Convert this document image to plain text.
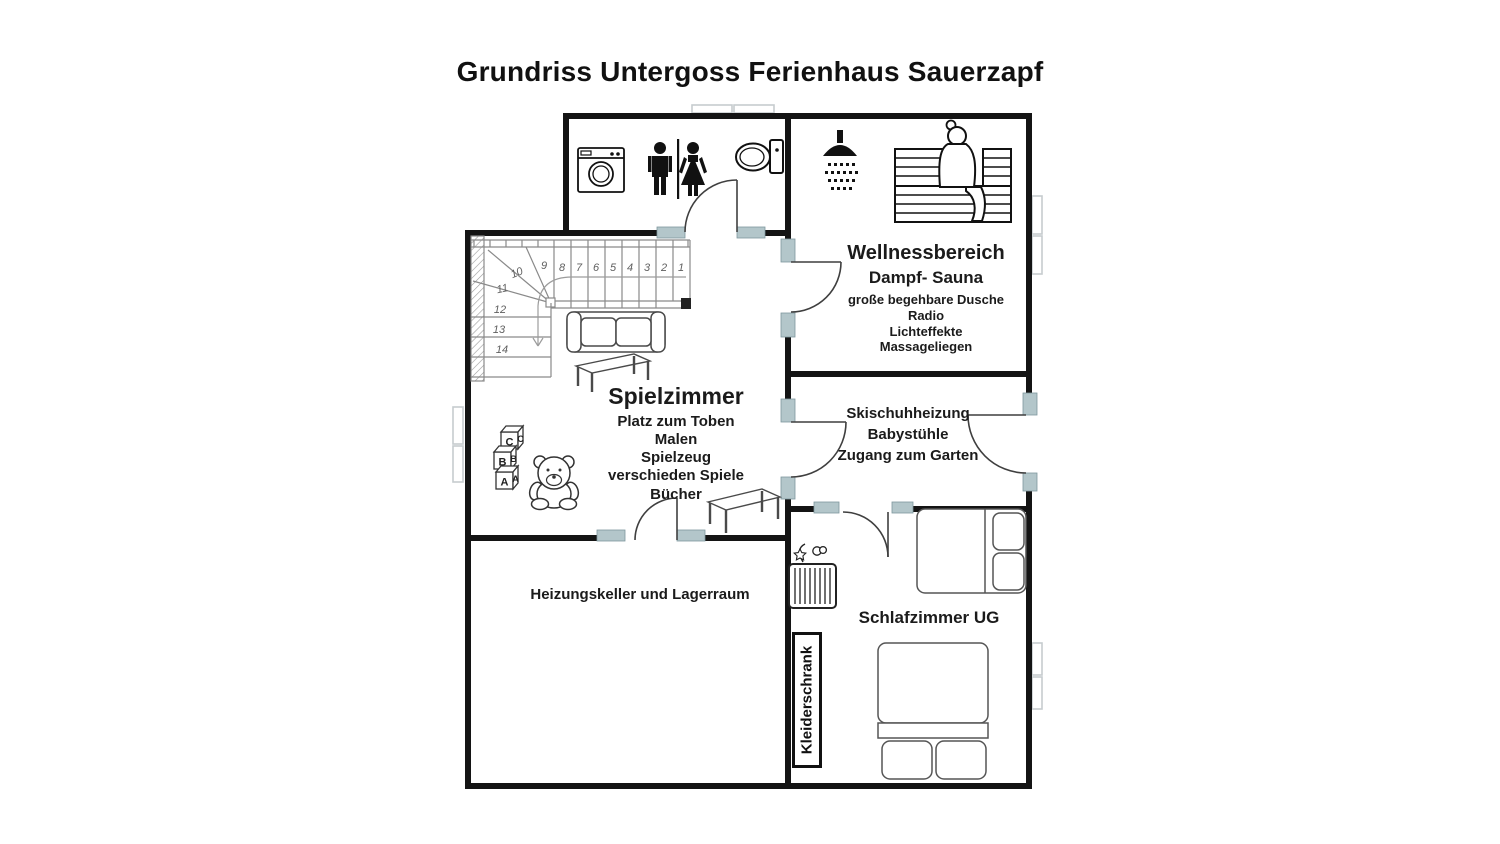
Grundriss Untergoss Ferienhaus Sauerzapf
1
2
3
4
5
6
7
8
9
10
11
12
13
14
C C
B B
A A
Wellnessbereich
Dampf- Sauna
große begehbare Dusche
Radio
Lichteffekte
Massageliegen
Spielzimmer
Platz zum Toben
Malen
Spielzeug
verschieden Spiele
Bücher
Skischuhheizung
Babystühle
Zugang zum Garten
Heizungskeller und Lagerraum
Schlafzimmer UG
Kleiderschrank
